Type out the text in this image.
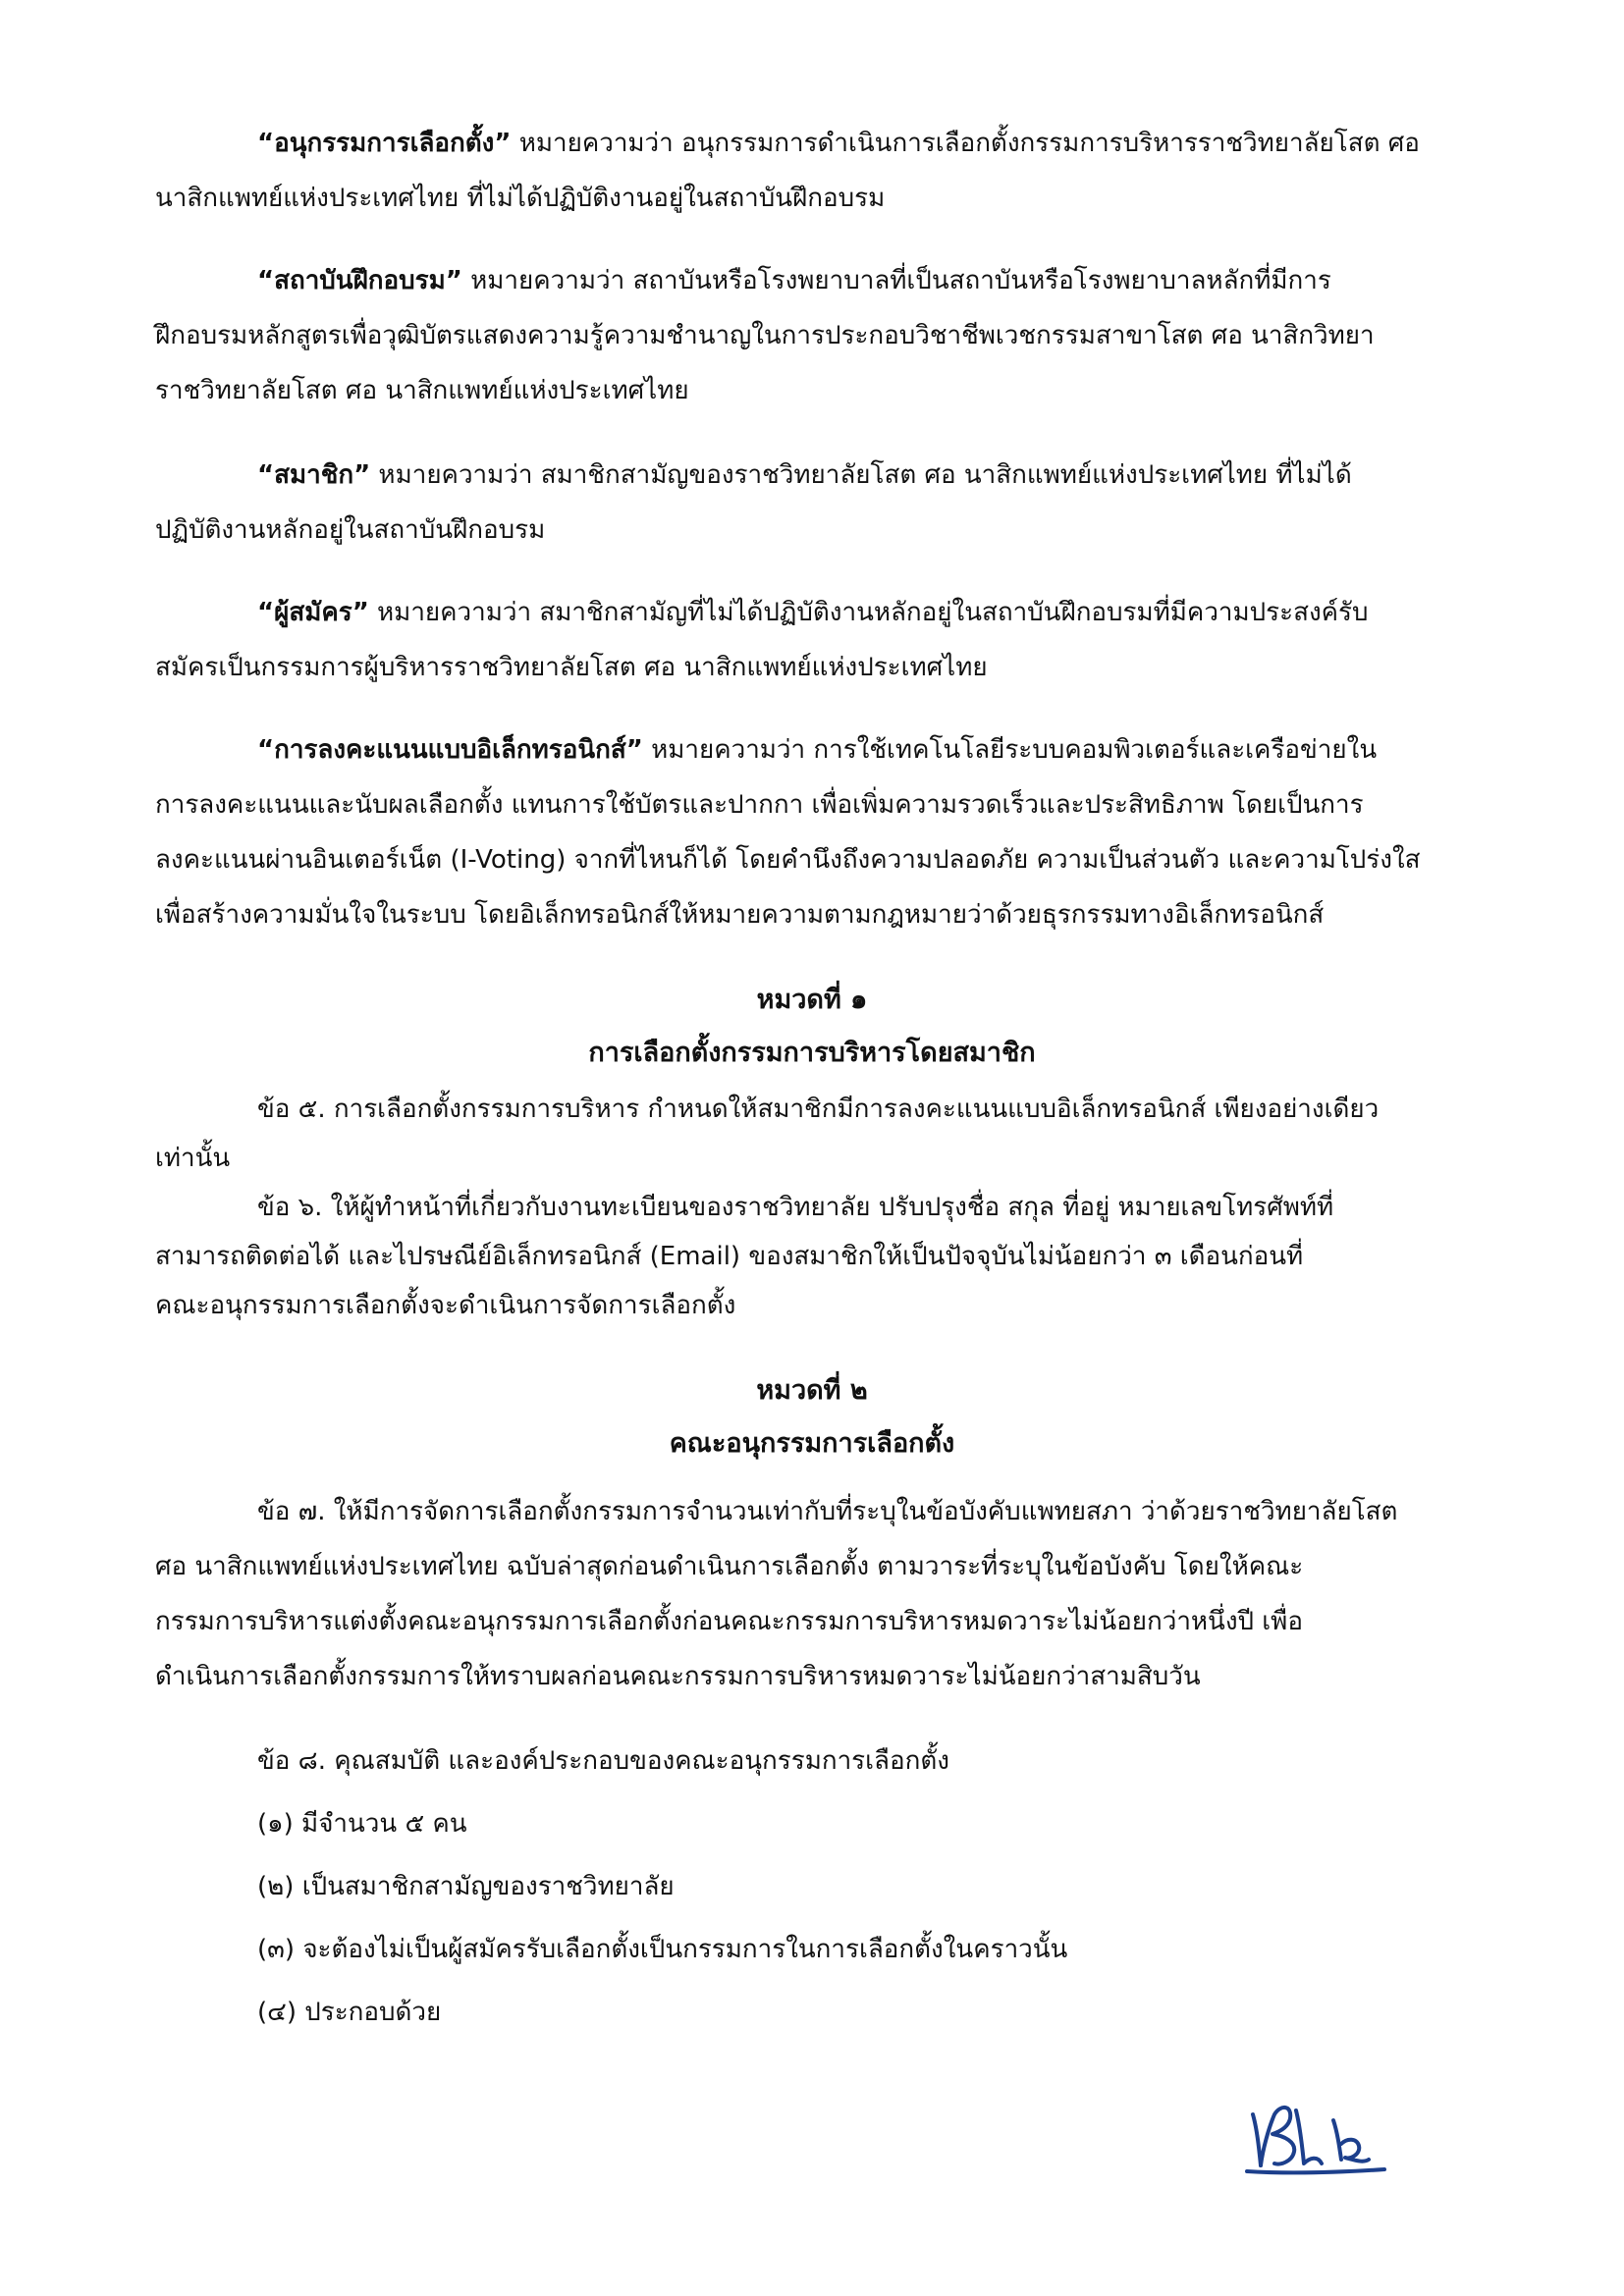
“อนุกรรมการเลือกตั้ง” หมายความว่า อนุกรรมการดำเนินการเลือกตั้งกรรมการบริหารราชวิทยาลัยโสต ศอ
นาสิกแพทย์แห่งประเทศไทย ที่ไม่ได้ปฏิบัติงานอยู่ในสถาบันฝึกอบรม
“สถาบันฝึกอบรม” หมายความว่า สถาบันหรือโรงพยาบาลที่เป็นสถาบันหรือโรงพยาบาลหลักที่มีการ
ฝึกอบรมหลักสูตรเพื่อวุฒิบัตรแสดงความรู้ความชำนาญในการประกอบวิชาชีพเวชกรรมสาขาโสต ศอ นาสิกวิทยา
ราชวิทยาลัยโสต ศอ นาสิกแพทย์แห่งประเทศไทย
“สมาชิก” หมายความว่า สมาชิกสามัญของราชวิทยาลัยโสต ศอ นาสิกแพทย์แห่งประเทศไทย ที่ไม่ได้
ปฏิบัติงานหลักอยู่ในสถาบันฝึกอบรม
“ผู้สมัคร” หมายความว่า สมาชิกสามัญที่ไม่ได้ปฏิบัติงานหลักอยู่ในสถาบันฝึกอบรมที่มีความประสงค์รับ
สมัครเป็นกรรมการผู้บริหารราชวิทยาลัยโสต ศอ นาสิกแพทย์แห่งประเทศไทย
“การลงคะแนนแบบอิเล็กทรอนิกส์” หมายความว่า การใช้เทคโนโลยีระบบคอมพิวเตอร์และเครือข่ายใน
การลงคะแนนและนับผลเลือกตั้ง แทนการใช้บัตรและปากกา เพื่อเพิ่มความรวดเร็วและประสิทธิภาพ โดยเป็นการ
ลงคะแนนผ่านอินเตอร์เน็ต (I-Voting) จากที่ไหนก็ได้ โดยคำนึงถึงความปลอดภัย ความเป็นส่วนตัว และความโปร่งใส
เพื่อสร้างความมั่นใจในระบบ โดยอิเล็กทรอนิกส์ให้หมายความตามกฎหมายว่าด้วยธุรกรรมทางอิเล็กทรอนิกส์
หมวดที่ ๑
การเลือกตั้งกรรมการบริหารโดยสมาชิก
ข้อ ๕. การเลือกตั้งกรรมการบริหาร กำหนดให้สมาชิกมีการลงคะแนนแบบอิเล็กทรอนิกส์ เพียงอย่างเดียว
เท่านั้น
ข้อ ๖. ให้ผู้ทำหน้าที่เกี่ยวกับงานทะเบียนของราชวิทยาลัย ปรับปรุงชื่อ สกุล ที่อยู่ หมายเลขโทรศัพท์ที่
สามารถติดต่อได้ และไปรษณีย์อิเล็กทรอนิกส์ (Email) ของสมาชิกให้เป็นปัจจุบันไม่น้อยกว่า ๓ เดือนก่อนที่
คณะอนุกรรมการเลือกตั้งจะดำเนินการจัดการเลือกตั้ง
หมวดที่ ๒
คณะอนุกรรมการเลือกตั้ง
ข้อ ๗. ให้มีการจัดการเลือกตั้งกรรมการจำนวนเท่ากับที่ระบุในข้อบังคับแพทยสภา ว่าด้วยราชวิทยาลัยโสต
ศอ นาสิกแพทย์แห่งประเทศไทย ฉบับล่าสุดก่อนดำเนินการเลือกตั้ง ตามวาระที่ระบุในข้อบังคับ โดยให้คณะ
กรรมการบริหารแต่งตั้งคณะอนุกรรมการเลือกตั้งก่อนคณะกรรมการบริหารหมดวาระไม่น้อยกว่าหนึ่งปี เพื่อ
ดำเนินการเลือกตั้งกรรมการให้ทราบผลก่อนคณะกรรมการบริหารหมดวาระไม่น้อยกว่าสามสิบวัน
ข้อ ๘. คุณสมบัติ และองค์ประกอบของคณะอนุกรรมการเลือกตั้ง
(๑) มีจำนวน ๕ คน
(๒) เป็นสมาชิกสามัญของราชวิทยาลัย
(๓) จะต้องไม่เป็นผู้สมัครรับเลือกตั้งเป็นกรรมการในการเลือกตั้งในคราวนั้น
(๔) ประกอบด้วย
